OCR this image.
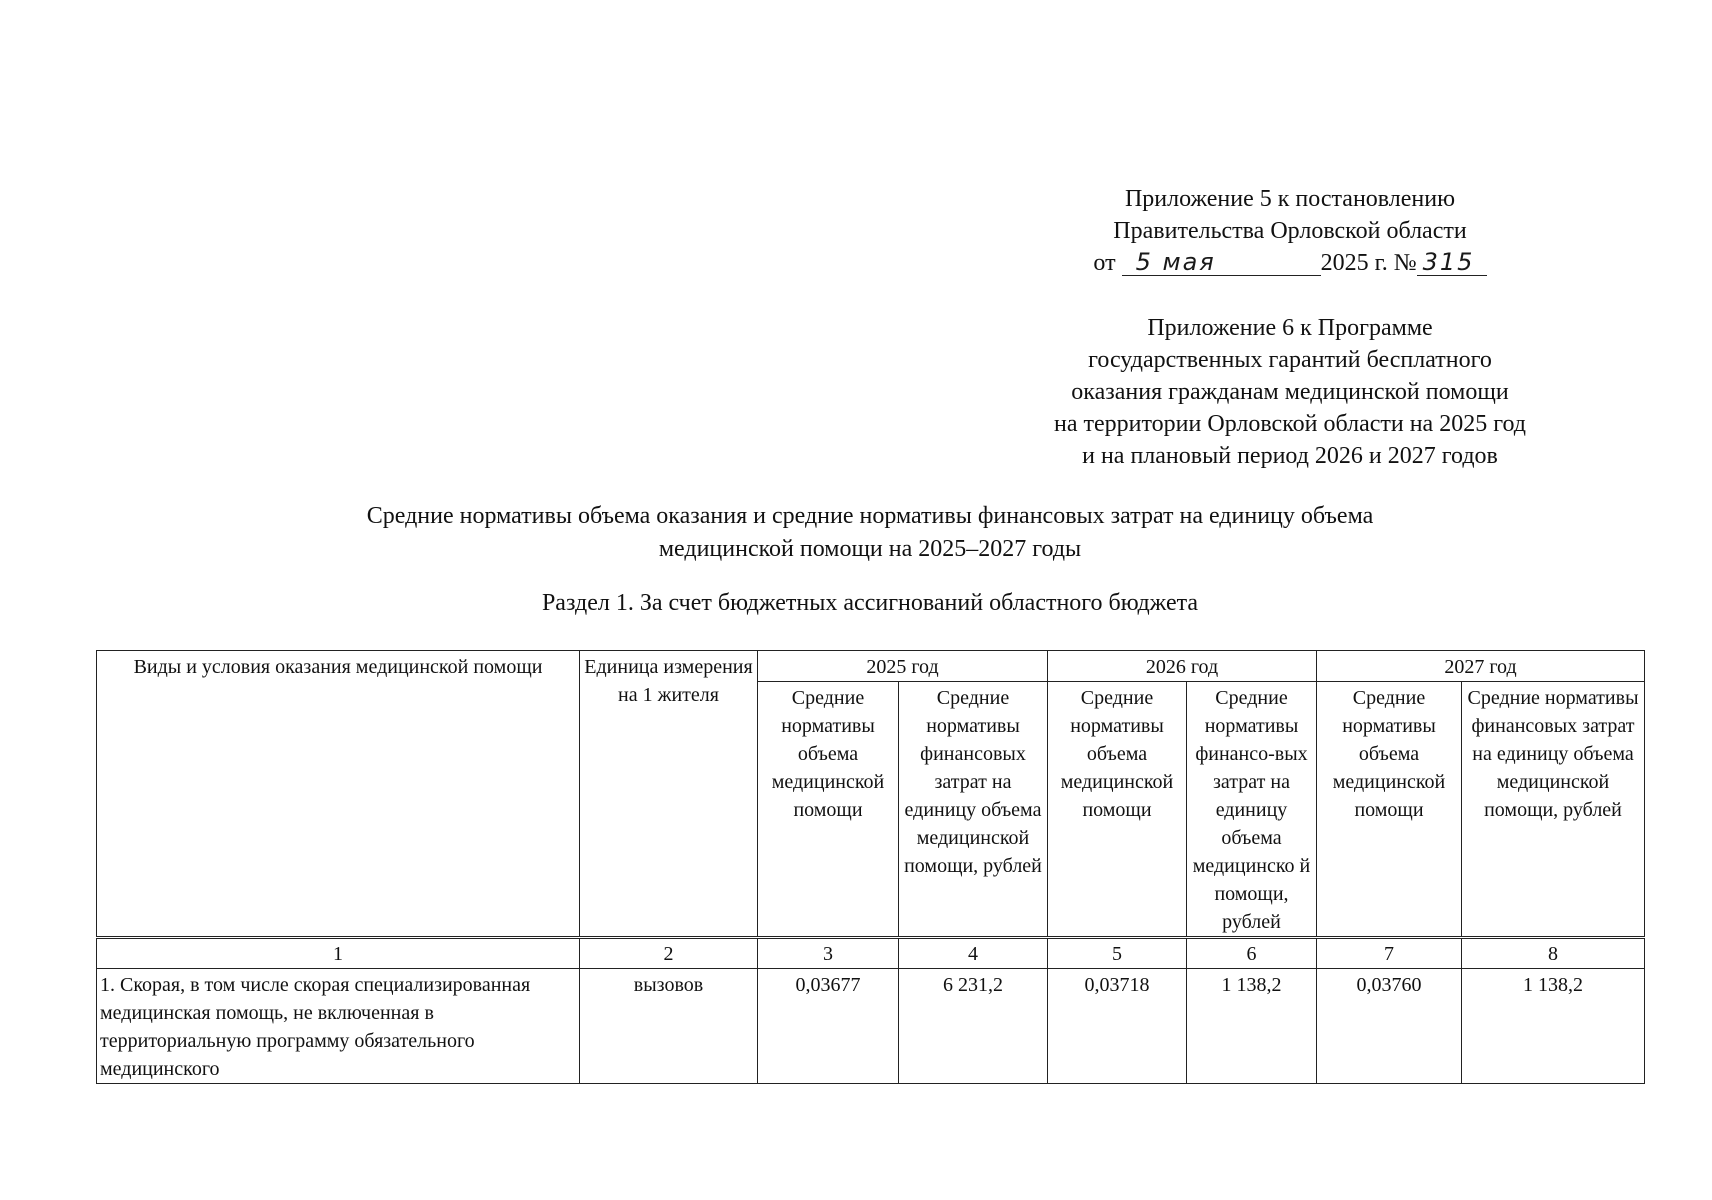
Приложение 5 к постановлению
Правительства Орловской области
от 5 мая	2025 г. № 315
Приложение 6 к Программе
государственных гарантий бесплатного
оказания гражданам медицинской помощи
на территории Орловской области на 2025 год
и на плановый период 2026 и 2027 годов
Средние нормативы объема оказания и средние нормативы финансовых затрат на единицу объема
медицинской помощи на 2025–2027 годы
Раздел 1. За счет бюджетных ассигнований областного бюджета
Виды и условия оказания медицинской помощи	Единица измерения на 1 жителя	2025 год		2026 год		2027 год	
		Средние нормативы объема медицинской помощи	Средние нормативы финансовых затрат на единицу объема медицинской помощи, рублей	Средние нормативы объема медицинской помощи	Средние нормативы финансо-вых затрат на единицу объема медицинско й помощи, рублей	Средние нормативы объема медицинской помощи	Средние нормативы финансовых затрат на единицу объема медицинской помощи, рублей
1	2	3	4	5	6	7	8
1. Скорая, в том числе скорая специализированная медицинская помощь, не включенная в территориальную программу обязательного медицинского	вызовов	0,03677	6 231,2	0,03718	1 138,2	0,03760	1 138,2
